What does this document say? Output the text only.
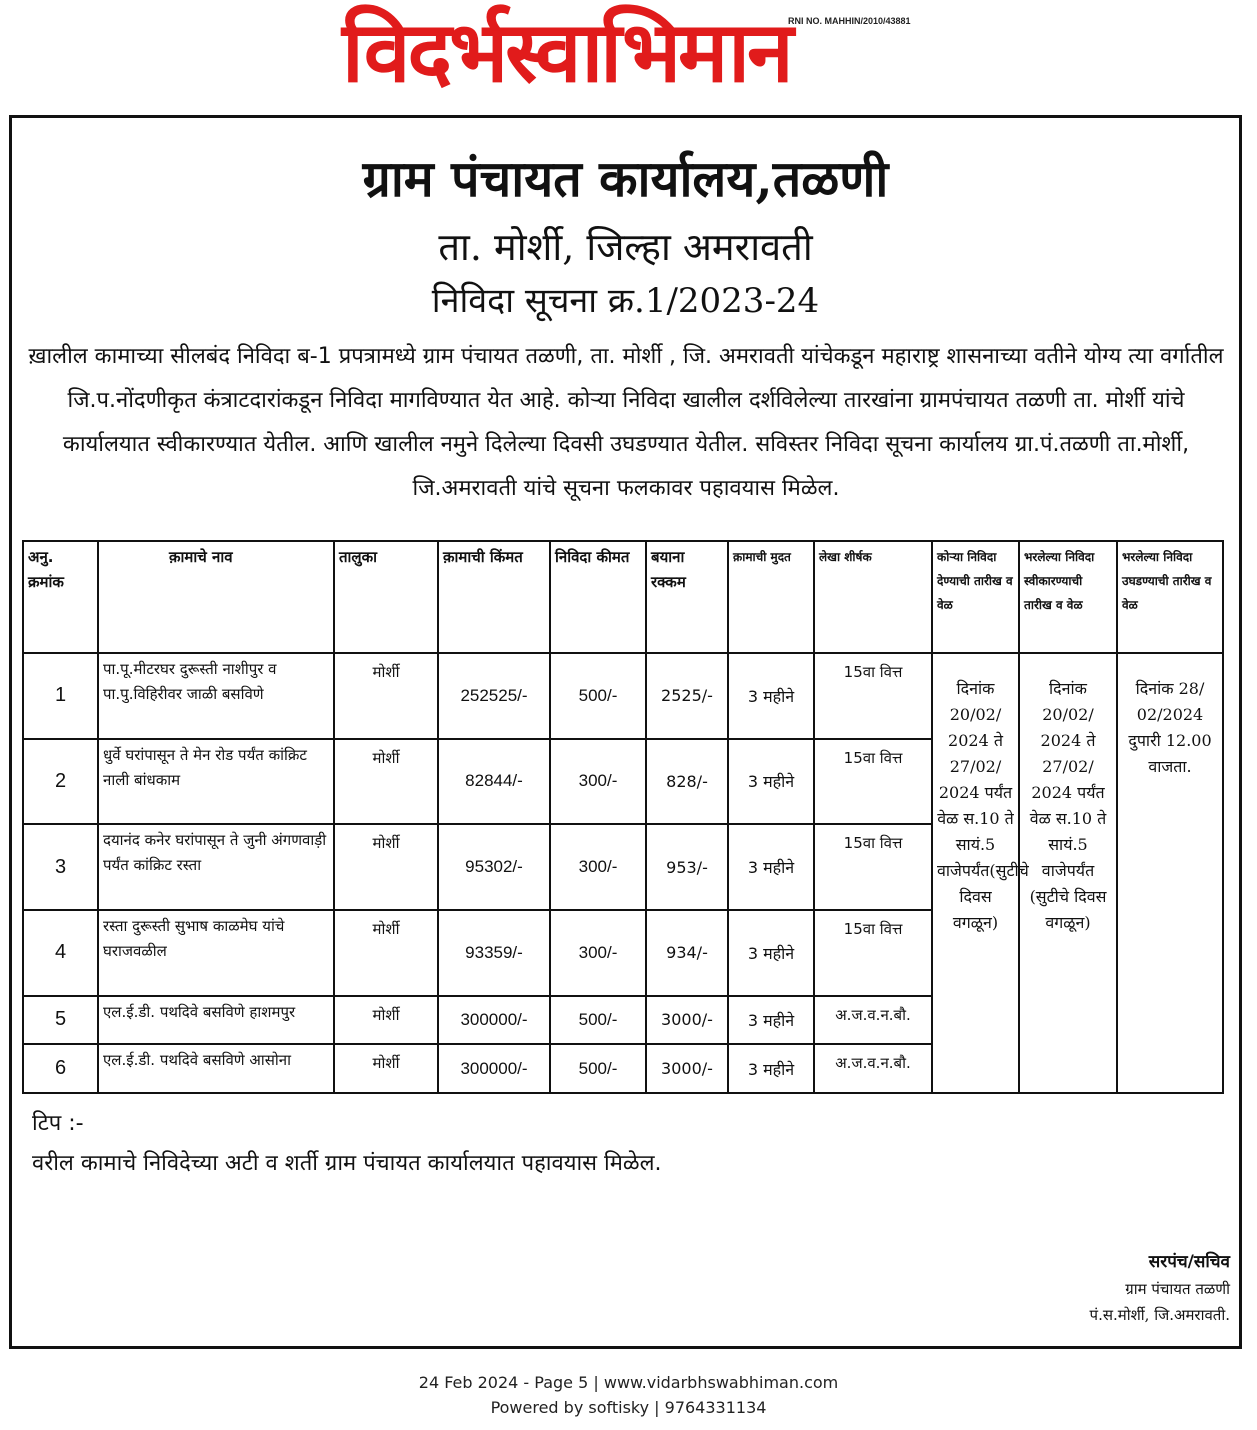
विदर्भस्वाभिमान
RNI NO. MAHHIN/2010/43881
ग्राम पंचायत कार्यालय,तळणी
ता. मोर्शी, जिल्हा अमरावती
निविदा सूचना क्र.1/2023-24
ख़ालील कामाच्या सीलबंद निविदा ब-1 प्रपत्रामध्ये ग्राम पंचायत तळणी, ता. मोर्शी , जि. अमरावती यांचेकडून महाराष्ट्र शासनाच्या वतीने योग्य त्या वर्गातील जि.प.नोंदणीकृत कंत्राटदारांकडून निविदा मागविण्यात येत आहे. कोऱ्या निविदा खालील दर्शविलेल्या तारखांना ग्रामपंचायत तळणी ता. मोर्शी यांचे कार्यालयात स्वीकारण्यात येतील. आणि खालील नमुने दिलेल्या दिवसी उघडण्यात येतील. सविस्तर निविदा सूचना कार्यालय ग्रा.पं.तळणी ता.मोर्शी, जि.अमरावती यांचे सूचना फलकावर पहावयास मिळेल.
अनु. क्रमांक	क़ामाचे नाव	तालुका	क़ामाची किंमत	निविदा कीमत	बयाना रक्कम	क़ामाची मुदत	लेखा शीर्षक	कोऱ्या निविदा देण्याची तारीख व वेळ	भरलेल्या निविदा स्वीकारण्याची तारीख व वेळ	भरलेल्या निविदा उघडण्याची तारीख व वेळ
1	पा.पू.मीटरघर दुरूस्ती नाशीपुर व पा.पु.विहिरीवर जाळी बसविणे	मोर्शी	252525/-	500/-	2525/-	3 महीने	15वा वित्त	दिनांक 20/02/ 2024 ते 27/02/ 2024 पर्यंत वेळ स.10 ते सायं.5 वाजेपर्यंत(सुटीचे दिवस वगळून)	दिनांक 20/02/ 2024 ते 27/02/ 2024 पर्यंत वेळ स.10 ते सायं.5 वाजेपर्यंत (सुटीचे दिवस वगळून)	दिनांक 28/ 02/2024 दुपारी 12.00 वाजता.
2	धुर्वे घरांपासून ते मेन रोड पर्यंत कांक्रिट नाली बांधकाम	मोर्शी	82844/-	300/-	828/-	3 महीने	15वा वित्त			
3	दयानंद कनेर घरांपासून ते जुनी अंगणवाड़ी पर्यंत कांक्रिट रस्ता	मोर्शी	95302/-	300/-	953/-	3 महीने	15वा वित्त			
4	रस्ता दुरूस्ती सुभाष काळमेघ यांचे घराजवळील	मोर्शी	93359/-	300/-	934/-	3 महीने	15वा वित्त			
5	एल.ई.डी. पथदिवे बसविणे हाशमपुर	मोर्शी	300000/-	500/-	3000/-	3 महीने	अ.ज.व.न.बौ.			
6	एल.ई.डी. पथदिवे बसविणे आसोना	मोर्शी	300000/-	500/-	3000/-	3 महीने	अ.ज.व.न.बौ.			
टिप :-
वरील कामाचे निविदेच्या अटी व शर्ती ग्राम पंचायत कार्यालयात पहावयास मिळेल.
सरपंच/सचिव
ग्राम पंचायत तळणी
पं.स.मोर्शी, जि.अमरावती.
24 Feb 2024 - Page 5 | www.vidarbhswabhiman.com
Powered by softisky | 9764331134
